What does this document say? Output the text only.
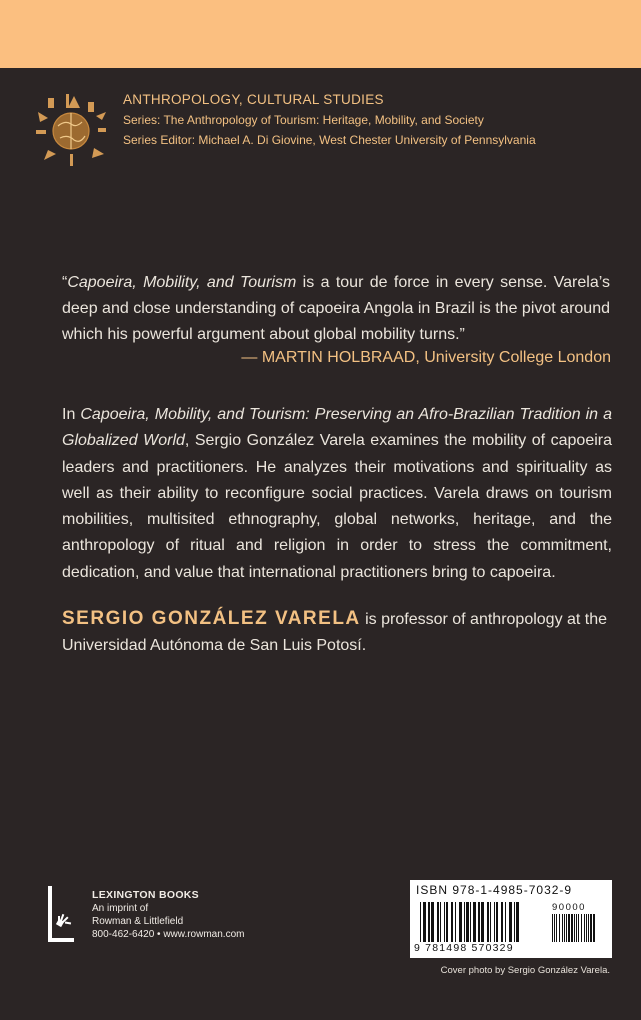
ANTHROPOLOGY, CULTURAL STUDIES
Series: The Anthropology of Tourism: Heritage, Mobility, and Society
Series Editor: Michael A. Di Giovine, West Chester University of Pennsylvania
“Capoeira, Mobility, and Tourism is a tour de force in every sense. Varela’s deep and close understanding of capoeira Angola in Brazil is the pivot around which his powerful argument about global mobility turns.”
— MARTIN HOLBRAAD, University College London
In Capoeira, Mobility, and Tourism: Preserving an Afro-Brazilian Tradition in a Globalized World, Sergio González Varela examines the mobility of capoeira leaders and practitioners. He analyzes their motivations and spirituality as well as their ability to reconfigure social practices. Varela draws on tourism mobilities, multisited ethnography, global networks, heritage, and the anthropology of ritual and religion in order to stress the commitment, dedication, and value that international practitioners bring to capoeira.
SERGIO GONZÁLEZ VARELA is professor of anthropology at the Universidad Autónoma de San Luis Potosí.
LEXINGTON BOOKS
An imprint of
Rowman & Littlefield
800-462-6420 • www.rowman.com
ISBN 978-1-4985-7032-9
90000
9 781498 570329
Cover photo by Sergio González Varela.
